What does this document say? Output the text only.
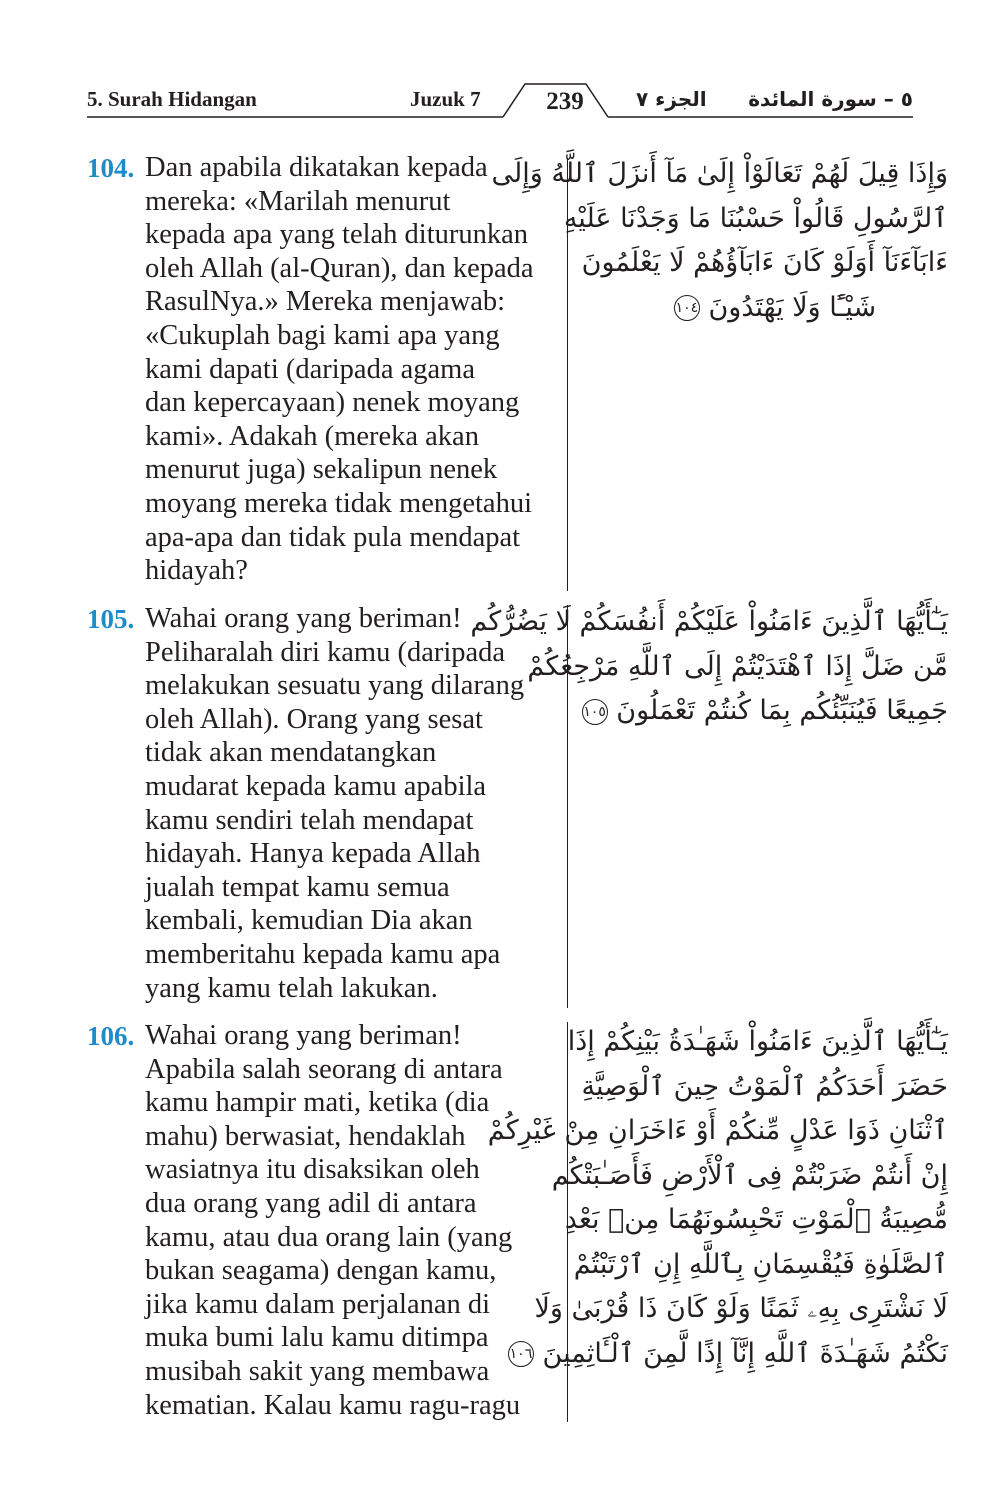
5. Surah Hidangan	Juzuk 7	239	الجزء ٧ ٥ – سورة المائدة
104. Dan apabila dikatakan kepada
mereka: «Marilah menurut
kepada apa yang telah diturunkan
oleh Allah (al-Quran), dan kepada
RasulNya.» Mereka menjawab:
«Cukuplah bagi kami apa yang
kami dapati (daripada agama
dan kepercayaan) nenek moyang
kami». Adakah (mereka akan
menurut juga) sekalipun nenek
moyang mereka tidak mengetahui
apa-apa dan tidak pula mendapat
hidayah?
وَإِذَا قِيلَ لَهُمْ تَعَالَوْاْ إِلَىٰ مَآ أَنزَلَ ٱللَّهُ وَإِلَى
ٱلرَّسُولِ قَالُواْ حَسْبُنَا مَا وَجَدْنَا عَلَيْهِ
ءَابَآءَنَآ أَوَلَوْ كَانَ ءَابَآؤُهُمْ لَا يَعْلَمُونَ
شَيْـًٔا وَلَا يَهْتَدُونَ ١٠٤
105. Wahai orang yang beriman!
Peliharalah diri kamu (daripada
melakukan sesuatu yang dilarang
oleh Allah). Orang yang sesat
tidak akan mendatangkan
mudarat kepada kamu apabila
kamu sendiri telah mendapat
hidayah. Hanya kepada Allah
jualah tempat kamu semua
kembali, kemudian Dia akan
memberitahu kepada kamu apa
yang kamu telah lakukan.
يَـٰٓأَيُّهَا ٱلَّذِينَ ءَامَنُواْ عَلَيْكُمْ أَنفُسَكُمْ لَا يَضُرُّكُم
مَّن ضَلَّ إِذَا ٱهْتَدَيْتُمْ إِلَى ٱللَّهِ مَرْجِعُكُمْ
جَمِيعًا فَيُنَبِّئُكُم بِمَا كُنتُمْ تَعْمَلُونَ ١٠٥
106. Wahai orang yang beriman!
Apabila salah seorang di antara
kamu hampir mati, ketika (dia
mahu) berwasiat, hendaklah
wasiatnya itu disaksikan oleh
dua orang yang adil di antara
kamu, atau dua orang lain (yang
bukan seagama) dengan kamu,
jika kamu dalam perjalanan di
muka bumi lalu kamu ditimpa
musibah sakit yang membawa
kematian. Kalau kamu ragu-ragu
يَـٰٓأَيُّهَا ٱلَّذِينَ ءَامَنُواْ شَهَـٰدَةُ بَيْنِكُمْ إِذَا
حَضَرَ أَحَدَكُمُ ٱلْمَوْتُ حِينَ ٱلْوَصِيَّةِ
ٱثْنَانِ ذَوَا عَدْلٍ مِّنكُمْ أَوْ ءَاخَرَانِ مِنْ غَيْرِكُمْ
إِنْ أَنتُمْ ضَرَبْتُمْ فِى ٱلْأَرْضِ فَأَصَـٰبَتْكُم
مُّصِيبَةُ ٱلْمَوْتِ تَحْبِسُونَهُمَا مِنۢ بَعْدِ
ٱلصَّلَوٰةِ فَيُقْسِمَانِ بِٱللَّهِ إِنِ ٱرْتَبْتُمْ
لَا نَشْتَرِى بِهِۦ ثَمَنًا وَلَوْ كَانَ ذَا قُرْبَىٰ وَلَا
نَكْتُمُ شَهَـٰدَةَ ٱللَّهِ إِنَّآ إِذًا لَّمِنَ ٱلْـَٔاثِمِينَ ١٠٦
